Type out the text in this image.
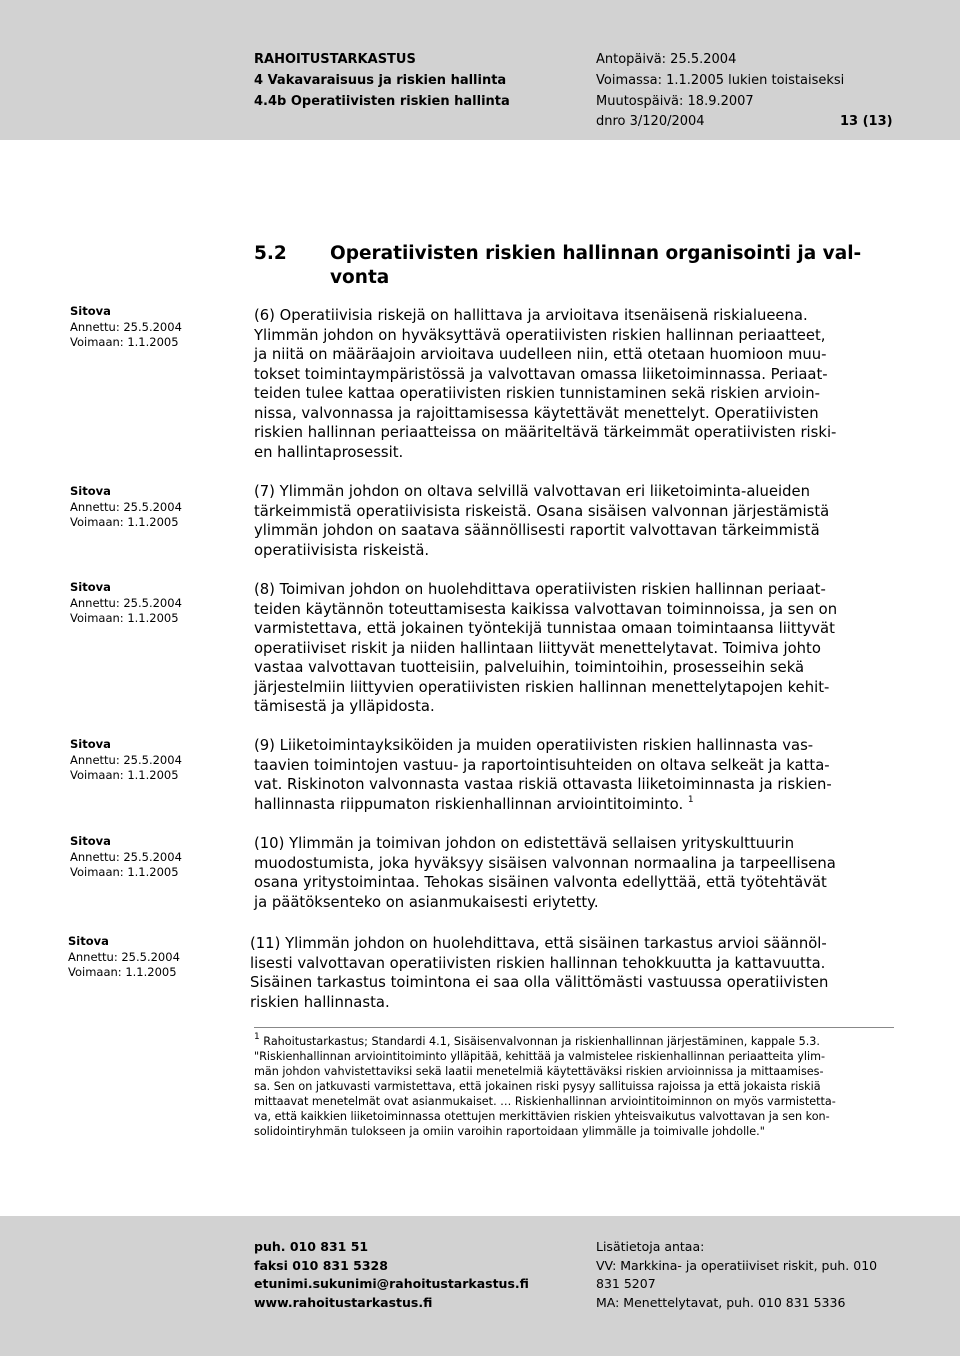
RAHOITUSTARKASTUS
4 Vakavaraisuus ja riskien hallinta
4.4b Operatiivisten riskien hallinta
Antopäivä: 25.5.2004
Voimassa: 1.1.2005 lukien toistaiseksi
Muutospäivä: 18.9.2007
dnro 3/120/2004	13 (13)
5.2 Operatiivisten riskien hallinnan organisointi ja val-
vonta
Sitova
Annettu: 25.5.2004
Voimaan: 1.1.2005
Sitova
Annettu: 25.5.2004
Voimaan: 1.1.2005
Sitova
Annettu: 25.5.2004
Voimaan: 1.1.2005
Sitova
Annettu: 25.5.2004
Voimaan: 1.1.2005
Sitova
Annettu: 25.5.2004
Voimaan: 1.1.2005
Sitova
Annettu: 25.5.2004
Voimaan: 1.1.2005
(6) Operatiivisia riskejä on hallittava ja arvioitava itsenäisenä riskialueena.
Ylimmän johdon on hyväksyttävä operatiivisten riskien hallinnan periaatteet,
ja niitä on määräajoin arvioitava uudelleen niin, että otetaan huomioon muu-
tokset toimintaympäristössä ja valvottavan omassa liiketoiminnassa. Periaat-
teiden tulee kattaa operatiivisten riskien tunnistaminen sekä riskien arvioin-
nissa, valvonnassa ja rajoittamisessa käytettävät menettelyt. Operatiivisten
riskien hallinnan periaatteissa on määriteltävä tärkeimmät operatiivisten riski-
en hallintaprosessit.
(7) Ylimmän johdon on oltava selvillä valvottavan eri liiketoiminta-alueiden
tärkeimmistä operatiivisista riskeistä. Osana sisäisen valvonnan järjestämistä
ylimmän johdon on saatava säännöllisesti raportit valvottavan tärkeimmistä
operatiivisista riskeistä.
(8) Toimivan johdon on huolehdittava operatiivisten riskien hallinnan periaat-
teiden käytännön toteuttamisesta kaikissa valvottavan toiminnoissa, ja sen on
varmistettava, että jokainen työntekijä tunnistaa omaan toimintaansa liittyvät
operatiiviset riskit ja niiden hallintaan liittyvät menettelytavat. Toimiva johto
vastaa valvottavan tuotteisiin, palveluihin, toimintoihin, prosesseihin sekä
järjestelmiin liittyvien operatiivisten riskien hallinnan menettelytapojen kehit-
tämisestä ja ylläpidosta.
(9) Liiketoimintayksiköiden ja muiden operatiivisten riskien hallinnasta vas-
taavien toimintojen vastuu- ja raportointisuhteiden on oltava selkeät ja katta-
vat. Riskinoton valvonnasta vastaa riskiä ottavasta liiketoiminnasta ja riskien-
hallinnasta riippumaton riskienhallinnan arviointitoiminto. $^1$
(10) Ylimmän ja toimivan johdon on edistettävä sellaisen yrityskulttuurin
muodostumista, joka hyväksyy sisäisen valvonnan normaalina ja tarpeellisena
osana yritystoimintaa. Tehokas sisäinen valvonta edellyttää, että työtehtävät
ja päätöksenteko on asianmukaisesti eriytetty.
(11) Ylimmän johdon on huolehdittava, että sisäinen tarkastus arvioi säännöl-
lisesti valvottavan operatiivisten riskien hallinnan tehokkuutta ja kattavuutta.
Sisäinen tarkastus toimintona ei saa olla välittömästi vastuussa operatiivisten
riskien hallinnasta.
$^1$ Rahoitustarkastus; Standardi 4.1, Sisäisenvalvonnan ja riskienhallinnan järjestäminen, kappale 5.3.
"Riskienhallinnan arviointitoiminto ylläpitää, kehittää ja valmistelee riskienhallinnan periaatteita ylim-
män johdon vahvistettaviksi sekä laatii menetelmiä käytettäväksi riskien arvioinnissa ja mittaamises-
sa. Sen on jatkuvasti varmistettava, että jokainen riski pysyy sallituissa rajoissa ja että jokaista riskiä
mittaavat menetelmät ovat asianmukaiset. … Riskienhallinnan arviointitoiminnon on myös varmistetta-
va, että kaikkien liiketoiminnassa otettujen merkittävien riskien yhteisvaikutus valvottavan ja sen kon-
solidointiryhmän tulokseen ja omiin varoihin raportoidaan ylimmälle ja toimivalle johdolle."
puh. 010 831 51
faksi 010 831 5328
etunimi.sukunimi@rahoitustarkastus.fi
www.rahoitustarkastus.fi
Lisätietoja antaa:
VV: Markkina- ja operatiiviset riskit, puh. 010
831 5207
MA: Menettelytavat, puh. 010 831 5336
